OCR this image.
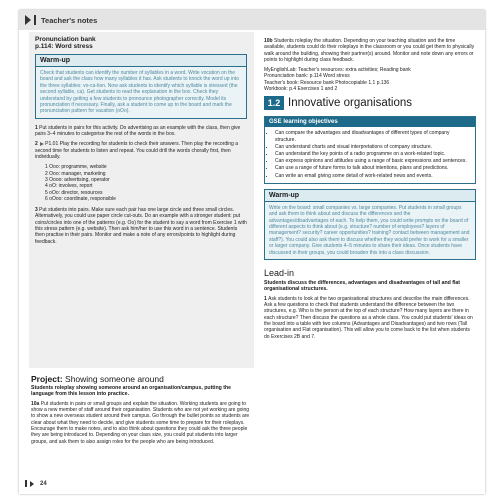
Teacher's notes
Pronunciation bank
p.114: Word stress
Warm-up
Check that students can identify the number of syllables in a word. Write vocation on the board and ask the class how many syllables it has. Ask students to knock the word up into the three syllables: vo-ca-tion. Now ask students to identify which syllable is stressed (the second syllable, ca). Get students to read the explanation in the box. Check they understand by getting a few students to pronounce photographer correctly. Model its pronunciation if necessary. Finally, ask a student to come up to the board and mark the pronunciation pattern for vacation (oOo).

1 Put students in pairs for this activity. Do advertising as an example with the class, then give pairs 3–4 minutes to categorise the rest of the words in the box.

2 P1.01 Play the recording for students to check their answers. Then play the recording a second time for students to listen and repeat. You could drill the words chorally first, then individually.

1 Ooo: programme, website
2 Ooo: manager, marketing
3 Oooo: advertising, operator
4 oO: involves, report
5 oOo: director, resources
6 oOoo: coordinate, responsible

3 Put students into pairs. Make sure each pair has one large circle and three small circles. Alternatively, you could use paper circle cut-outs. Do an example with a stronger student: put coins/circles into one of the patterns (e.g. Oo) for the student to say a word from Exercise 1 with this stress pattern (e.g. website). Then ask him/her to use this word in a sentence. Students then practise in their pairs. Monitor and make a note of any errors/points to highlight during feedback.

Project: Showing someone around
Students roleplay showing someone around an organisation/campus, putting the language from this lesson into practice.

10a Put students in pairs or small groups and explain the situation. Working students are going to show a new member of staff around their organisation. Students who are not yet working are going to show a new overseas student around their campus. Go through the bullet points so students are clear about what they need to decide, and give students some time to prepare for their roleplays. Encourage them to make notes, and to also think about questions they could ask the three people they are being introduced to. Depending on your class size, you could put students into larger groups, and ask them to also assign roles for the people who are being introduced.

10b Students roleplay the situation. Depending on your teaching situation and the time available, students could do their roleplays in the classroom or you could get them to physically walk around the building, showing their partner(s) around. Monitor and note down any errors or points to highlight during class feedback.

MyEnglishLab: Teacher's resources: extra activities; Reading bank
Pronunciation bank: p.114 Word stress
Teacher's book: Resource bank Photocopiable 1.1 p.136
Workbook: p.4 Exercises 1 and 2

1.2 Innovative organisations
GSE learning objectives
• Can compare the advantages and disadvantages of different types of company structure.
• Can understand charts and visual interpretations of company structure.
• Can understand the key points of a radio programme on a work-related topic.
• Can express opinions and attitudes using a range of basic expressions and sentences.
• Can use a range of future forms to talk about intentions, plans and predictions.
• Can write an email giving some detail of work-related news and events.
Warm-up
Write on the board: small companies vs. large companies. Put students in small groups and ask them to think about and discuss the differences and the advantages/disadvantages of each. To help them, you could write prompts on the board of different aspects to think about (e.g. structure? number of employees? layers of management? security? career opportunities? training? contact between management and staff?). You could also ask them to discuss whether they would prefer to work for a smaller or larger company. Give students 4–5 minutes to share their ideas. Once students have discussed in their groups, you could broaden this into a class discussion.
Lead-in
Students discuss the differences, advantages and disadvantages of tall and flat organisational structures.

1 Ask students to look at the two organisational structures and describe the main differences. Ask a few questions to check that students understand the difference between the two structures, e.g. Who is the person at the top of each structure? How many layers are there in each structure? Then discuss the questions as a whole class. You could put students' ideas on the board into a table with two columns (Advantages and Disadvantages) and two rows (Tall organisation and Flat organisation). This will allow you to come back to the list when students do Exercises 2B and 7.

24
